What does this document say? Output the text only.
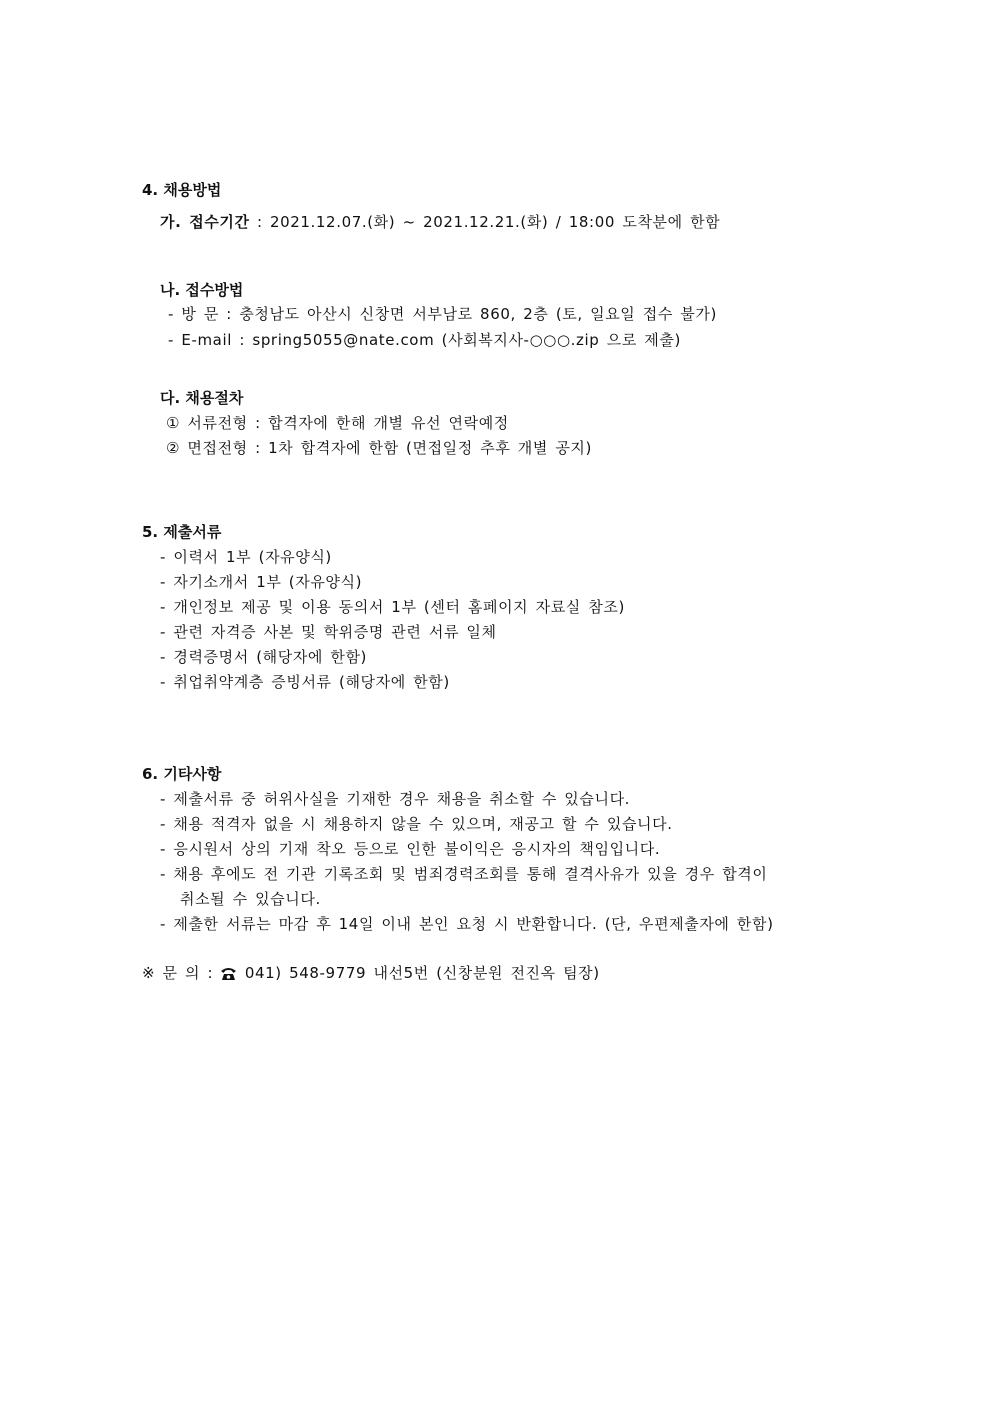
4. 채용방법
가. 접수기간 : 2021.12.07.(화) ~ 2021.12.21.(화) / 18:00 도착분에 한함
나. 접수방법
- 방 문 : 충청남도 아산시 신창면 서부남로 860, 2층 (토, 일요일 접수 불가)
- E-mail : spring5055@nate.com (사회복지사-○○○.zip 으로 제출)
다. 채용절차
① 서류전형 : 합격자에 한해 개별 유선 연락예정
② 면접전형 : 1차 합격자에 한함 (면접일정 추후 개별 공지)
5. 제출서류
- 이력서 1부 (자유양식)
- 자기소개서 1부 (자유양식)
- 개인정보 제공 및 이용 동의서 1부 (센터 홈페이지 자료실 참조)
- 관련 자격증 사본 및 학위증명 관련 서류 일체
- 경력증명서 (해당자에 한함)
- 취업취약계층 증빙서류 (해당자에 한함)
6. 기타사항
- 제출서류 중 허위사실을 기재한 경우 채용을 취소할 수 있습니다.
- 채용 적격자 없을 시 채용하지 않을 수 있으며, 재공고 할 수 있습니다.
- 응시원서 상의 기재 착오 등으로 인한 불이익은 응시자의 책임입니다.
- 채용 후에도 전 기관 기록조회 및 범죄경력조회를 통해 결격사유가 있을 경우 합격이
취소될 수 있습니다.
- 제출한 서류는 마감 후 14일 이내 본인 요청 시 반환합니다. (단, 우편제출자에 한함)
※ 문 의 :  041) 548-9779 내선5번 (신창분원 전진옥 팀장)
